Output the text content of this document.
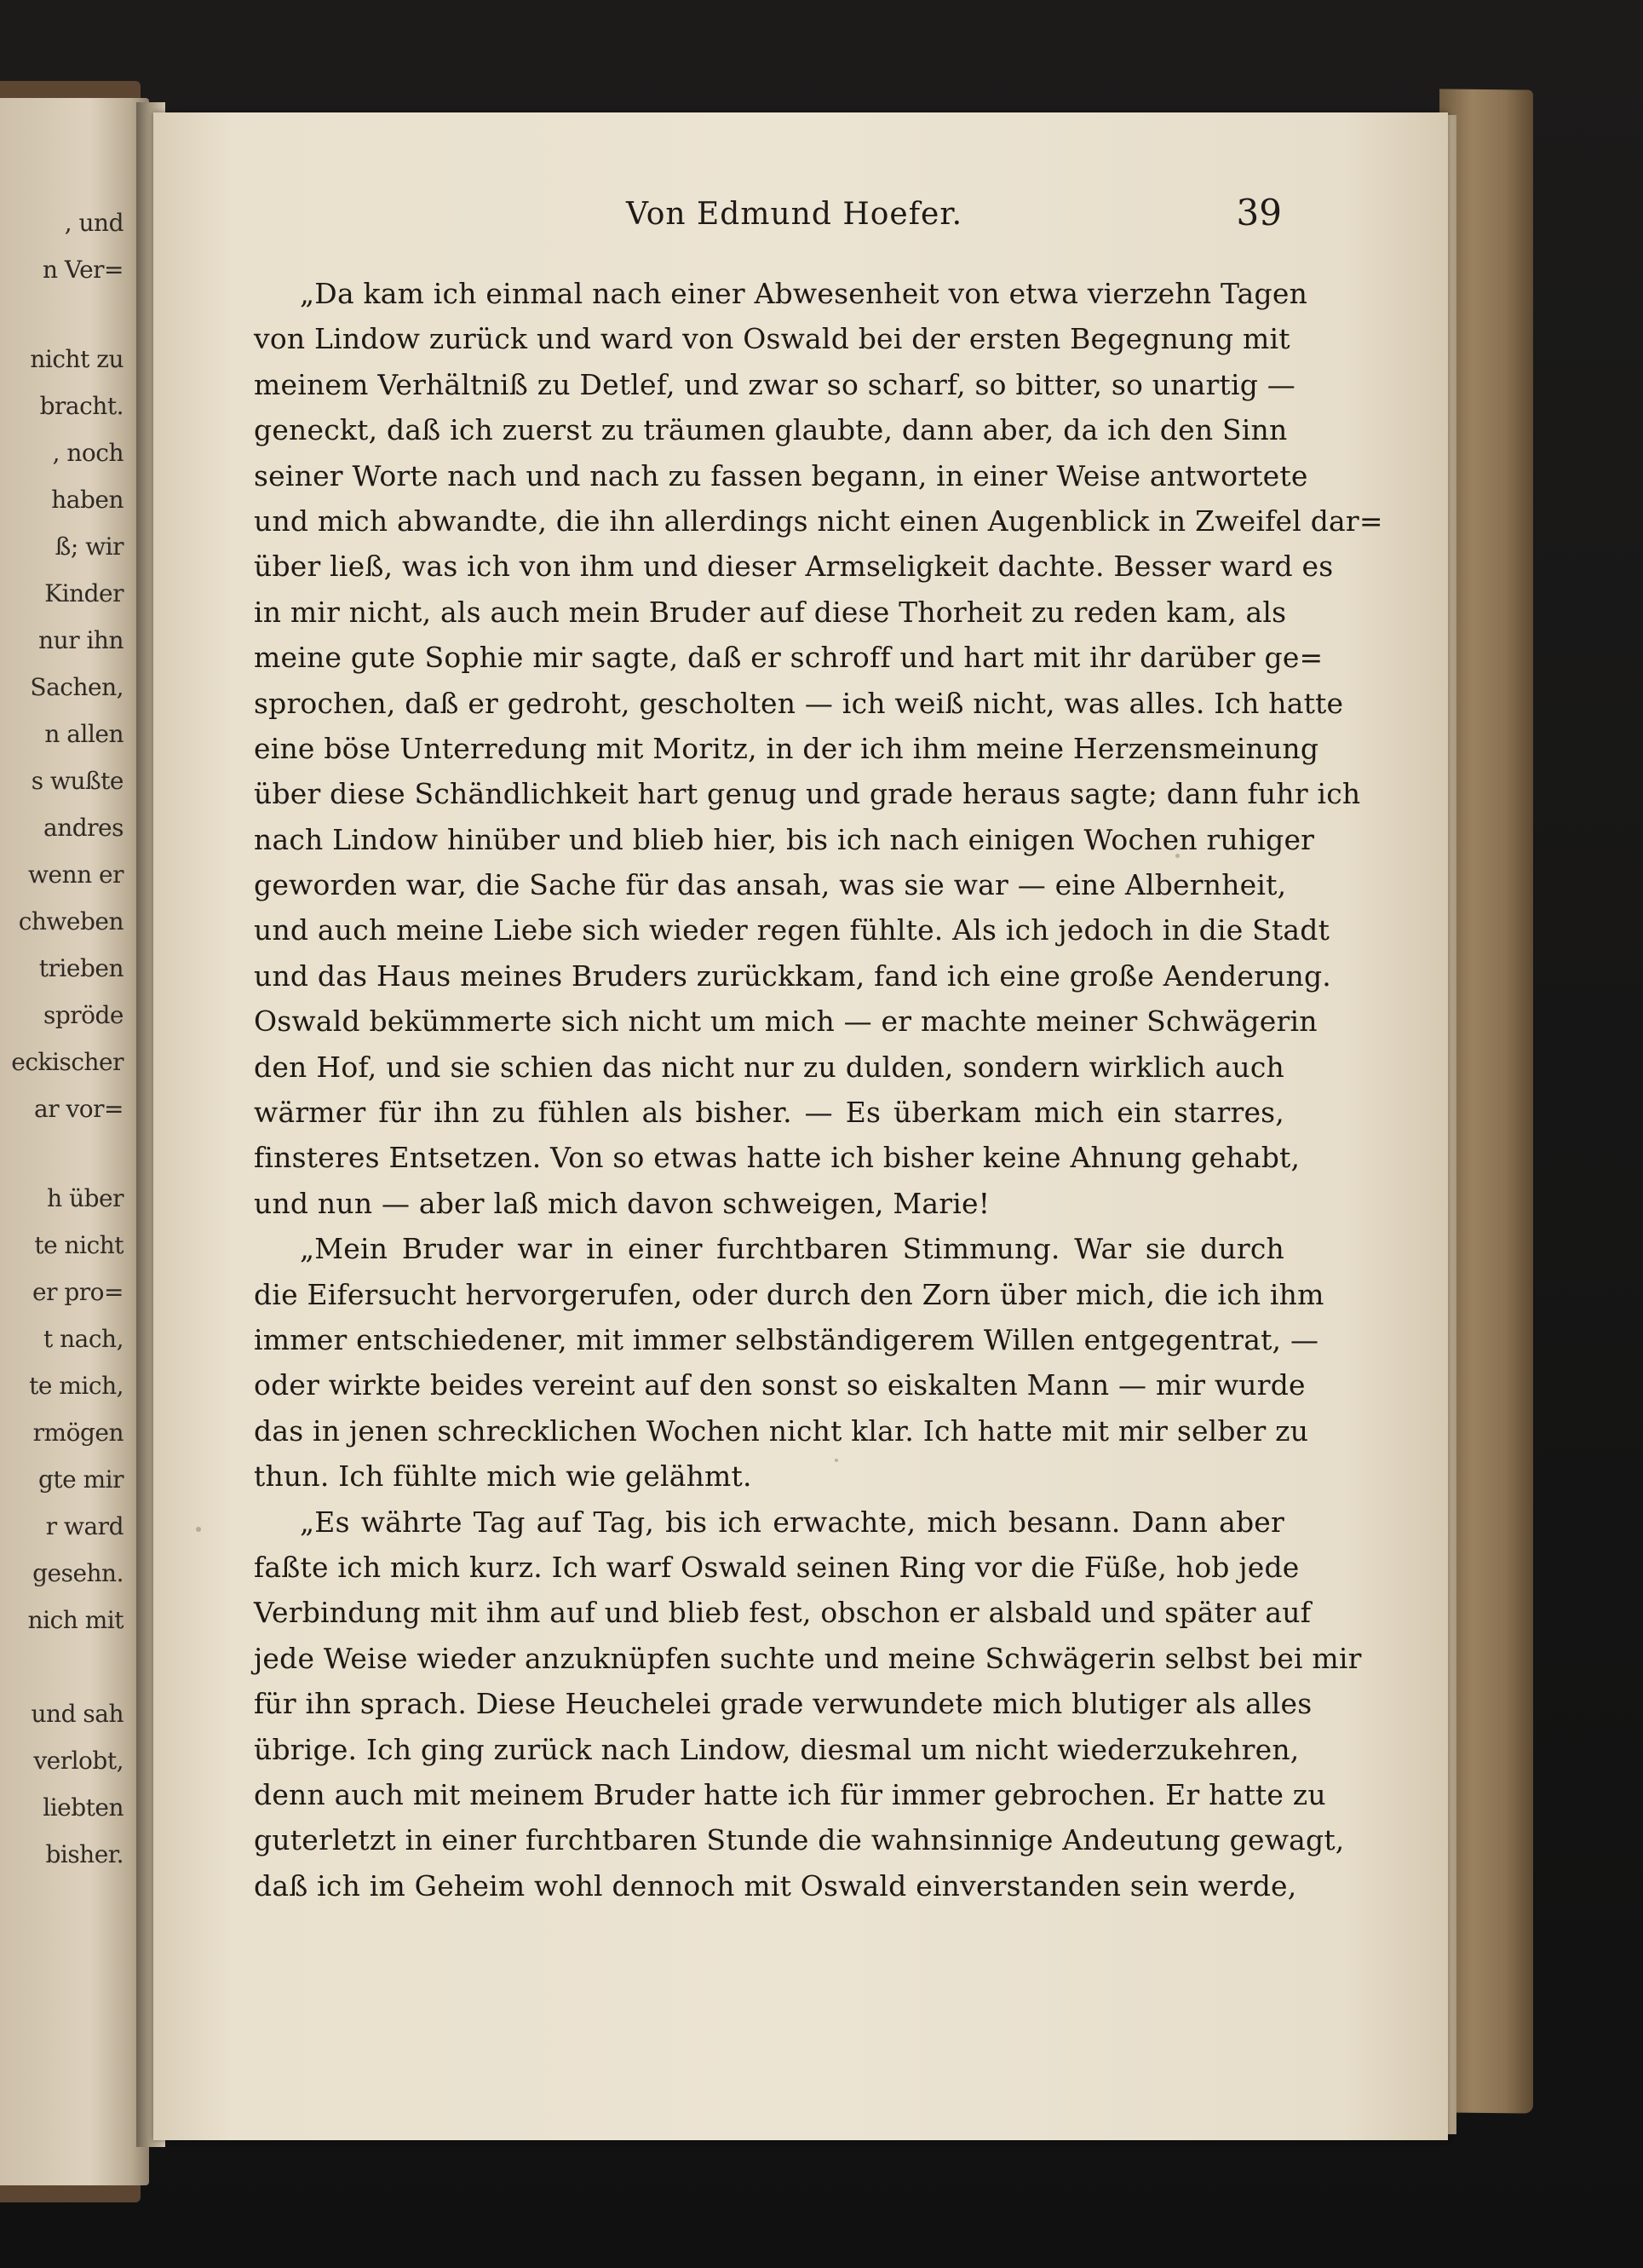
, und
n Ver=
nicht zu
bracht.
, noch
haben
ß; wir
Kinder
nur ihn
Sachen,
n allen
s wußte
andres
wenn er
chweben
trieben
spröde
eckischer
ar vor=
h über
te nicht
er pro=
t nach,
te mich,
rmögen
gte mir
r ward
gesehn.
nich mit
und sah
verlobt,
liebten
bisher.
Von Edmund Hoefer.	39
„Da kam ich einmal nach einer Abwesenheit von etwa vierzehn Tagen
von Lindow zurück und ward von Oswald bei der ersten Begegnung mit
meinem Verhältniß zu Detlef, und zwar so scharf, so bitter, so unartig —
geneckt, daß ich zuerst zu träumen glaubte, dann aber, da ich den Sinn
seiner Worte nach und nach zu fassen begann, in einer Weise antwortete
und mich abwandte, die ihn allerdings nicht einen Augenblick in Zweifel dar=
über ließ, was ich von ihm und dieser Armseligkeit dachte. Besser ward es
in mir nicht, als auch mein Bruder auf diese Thorheit zu reden kam, als
meine gute Sophie mir sagte, daß er schroff und hart mit ihr darüber ge=
sprochen, daß er gedroht, gescholten — ich weiß nicht, was alles. Ich hatte
eine böse Unterredung mit Moritz, in der ich ihm meine Herzensmeinung
über diese Schändlichkeit hart genug und grade heraus sagte; dann fuhr ich
nach Lindow hinüber und blieb hier, bis ich nach einigen Wochen ruhiger
geworden war, die Sache für das ansah, was sie war — eine Albernheit,
und auch meine Liebe sich wieder regen fühlte. Als ich jedoch in die Stadt
und das Haus meines Bruders zurückkam, fand ich eine große Aenderung.
Oswald bekümmerte sich nicht um mich — er machte meiner Schwägerin
den Hof, und sie schien das nicht nur zu dulden, sondern wirklich auch
wärmer für ihn zu fühlen als bisher. — Es überkam mich ein starres,
finsteres Entsetzen. Von so etwas hatte ich bisher keine Ahnung gehabt,
und nun — aber laß mich davon schweigen, Marie!
„Mein Bruder war in einer furchtbaren Stimmung. War sie durch
die Eifersucht hervorgerufen, oder durch den Zorn über mich, die ich ihm
immer entschiedener, mit immer selbständigerem Willen entgegentrat, —
oder wirkte beides vereint auf den sonst so eiskalten Mann — mir wurde
das in jenen schrecklichen Wochen nicht klar. Ich hatte mit mir selber zu
thun. Ich fühlte mich wie gelähmt.
„Es währte Tag auf Tag, bis ich erwachte, mich besann. Dann aber
faßte ich mich kurz. Ich warf Oswald seinen Ring vor die Füße, hob jede
Verbindung mit ihm auf und blieb fest, obschon er alsbald und später auf
jede Weise wieder anzuknüpfen suchte und meine Schwägerin selbst bei mir
für ihn sprach. Diese Heuchelei grade verwundete mich blutiger als alles
übrige. Ich ging zurück nach Lindow, diesmal um nicht wiederzukehren,
denn auch mit meinem Bruder hatte ich für immer gebrochen. Er hatte zu
guterletzt in einer furchtbaren Stunde die wahnsinnige Andeutung gewagt,
daß ich im Geheim wohl dennoch mit Oswald einverstanden sein werde,
